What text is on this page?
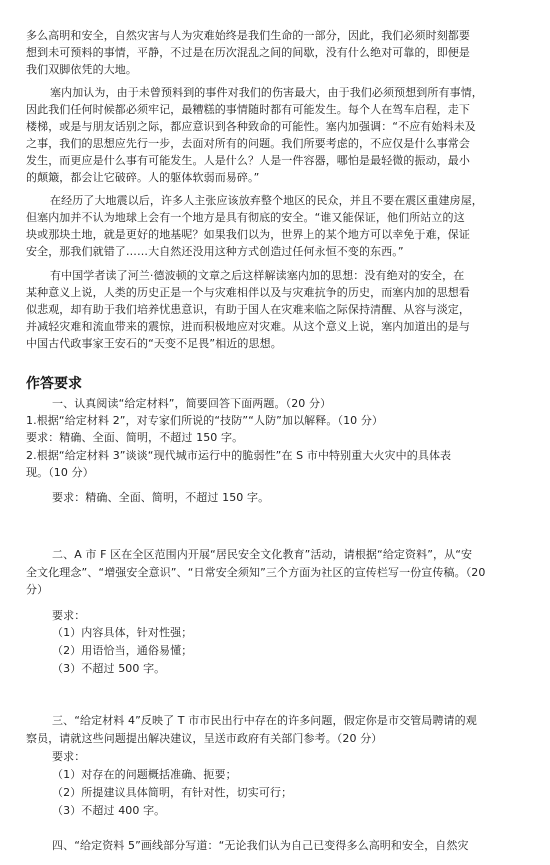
多么高明和安全，自然灾害与人为灾难始终是我们生命的一部分，因此，我们必须时刻都要
想到未可预料的事情，平静，不过是在历次混乱之间的间歇，没有什么绝对可靠的，即便是
我们双脚依凭的大地。
塞内加认为，由于未曾预料到的事件对我们的伤害最大，由于我们必须预想到所有事情，
因此我们任何时候都必须牢记，最糟糕的事情随时都有可能发生。每个人在驾车启程，走下
楼梯，或是与朋友话别之际，都应意识到各种致命的可能性。塞内加强调：“不应有始料未及
之事，我们的思想应先行一步，去面对所有的问题。我们所要考虑的，不应仅是什么事常会
发生，而更应是什么事有可能发生。人是什么？人是一件容器，哪怕是最轻微的振动，最小
的颠簸，都会让它破碎。人的躯体软弱而易碎。”
在经历了大地震以后，许多人主张应该放弃整个地区的民众，并且不要在震区重建房屋，
但塞内加并不认为地球上会有一个地方是具有彻底的安全。“谁又能保证，他们所站立的这
块或那块土地，就是更好的地基呢？如果我们以为，世界上的某个地方可以幸免于难，保证
安全，那我们就错了……大自然还没用这种方式创造过任何永恒不变的东西。”
有中国学者读了河兰·德波顿的文章之后这样解读塞内加的思想：没有绝对的安全，在
某种意义上说，人类的历史正是一个与灾难相伴以及与灾难抗争的历史，而塞内加的思想看
似悲观，却有助于我们培养忧患意识，有助于国人在灾难来临之际保持清醒、从容与淡定，
并减轻灾难和流血带来的震惊，进而积极地应对灾难。从这个意义上说，塞内加道出的是与
中国古代政事家王安石的“天变不足畏”相近的思想。
作答要求
一、认真阅读“给定材料”，简要回答下面两题。（20 分）
1.根据“给定材料 2”，对专家们所说的“技防”“人防”加以解释。（10 分）
要求：精确、全面、简明，不超过 150 字。
2.根据“给定材料 3”谈谈“现代城市运行中的脆弱性”在 S 市中特别重大火灾中的具体表
现。（10 分）
要求：精确、全面、简明，不超过 150 字。
二、A 市 F 区在全区范围内开展“居民安全文化教育”活动，请根据“给定资料”，从“安
全文化理念”、“增强安全意识”、“日常安全须知”三个方面为社区的宣传栏写一份宣传稿。（20
分）
要求：
（1）内容具体，针对性强；
（2）用语恰当，通俗易懂；
（3）不超过 500 字。
三、“给定材料 4”反映了 T 市市民出行中存在的许多问题，假定你是市交管局聘请的观
察员，请就这些问题提出解决建议，呈送市政府有关部门参考。（20 分）
要求：
（1）对存在的问题概括准确、扼要；
（2）所提建议具体简明，有针对性，切实可行；
（3）不超过 400 字。
四、“给定资料 5”画线部分写道：“无论我们认为自己已变得多么高明和安全，自然灾
